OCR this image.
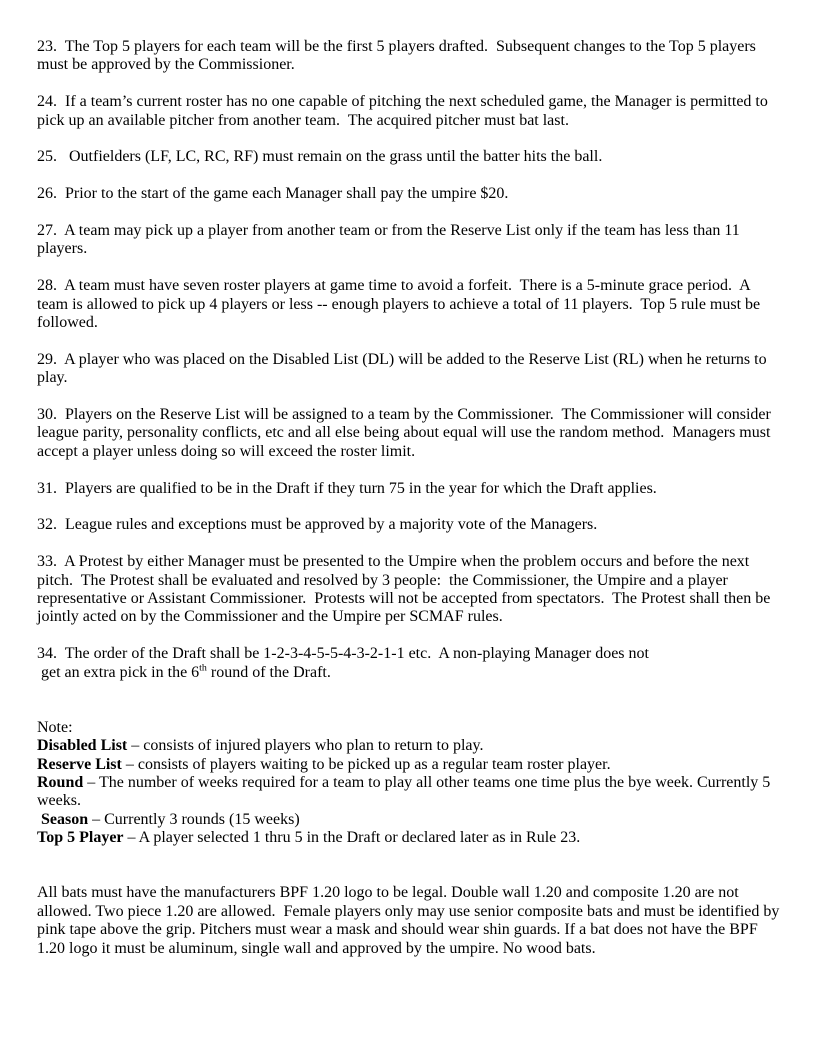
23.  The Top 5 players for each team will be the first 5 players drafted.  Subsequent changes to the Top 5 players must be approved by the Commissioner.

24.  If a team’s current roster has no one capable of pitching the next scheduled game, the Manager is permitted to pick up an available pitcher from another team.  The acquired pitcher must bat last.

25.   Outfielders (LF, LC, RC, RF) must remain on the grass until the batter hits the ball.

26.  Prior to the start of the game each Manager shall pay the umpire $20.

27.  A team may pick up a player from another team or from the Reserve List only if the team has less than 11 players.

28.  A team must have seven roster players at game time to avoid a forfeit.  There is a 5-minute grace period.  A team is allowed to pick up 4 players or less -- enough players to achieve a total of 11 players.  Top 5 rule must be followed.

29.  A player who was placed on the Disabled List (DL) will be added to the Reserve List (RL) when he returns to play.

30.  Players on the Reserve List will be assigned to a team by the Commissioner.  The Commissioner will consider league parity, personality conflicts, etc and all else being about equal will use the random method.  Managers must accept a player unless doing so will exceed the roster limit.

31.  Players are qualified to be in the Draft if they turn 75 in the year for which the Draft applies.

32.  League rules and exceptions must be approved by a majority vote of the Managers.

33.  A Protest by either Manager must be presented to the Umpire when the problem occurs and before the next pitch.  The Protest shall be evaluated and resolved by 3 people:  the Commissioner, the Umpire and a player representative or Assistant Commissioner.  Protests will not be accepted from spectators.  The Protest shall then be jointly acted on by the Commissioner and the Umpire per SCMAF rules.

34.  The order of the Draft shall be 1-2-3-4-5-5-4-3-2-1-1 etc.  A non-playing Manager does not
get an extra pick in the 6th round of the Draft.

Note:

Disabled List – consists of injured players who plan to return to play.

Reserve List – consists of players waiting to be picked up as a regular team roster player.

Round – The number of weeks required for a team to play all other teams one time plus the bye week. Currently 5 weeks.

Season – Currently 3 rounds (15 weeks)

Top 5 Player – A player selected 1 thru 5 in the Draft or declared later as in Rule 23.

All bats must have the manufacturers BPF 1.20 logo to be legal. Double wall 1.20 and composite 1.20 are not allowed. Two piece 1.20 are allowed.  Female players only may use senior composite bats and must be identified by pink tape above the grip. Pitchers must wear a mask and should wear shin guards. If a bat does not have the BPF 1.20 logo it must be aluminum, single wall and approved by the umpire. No wood bats.
